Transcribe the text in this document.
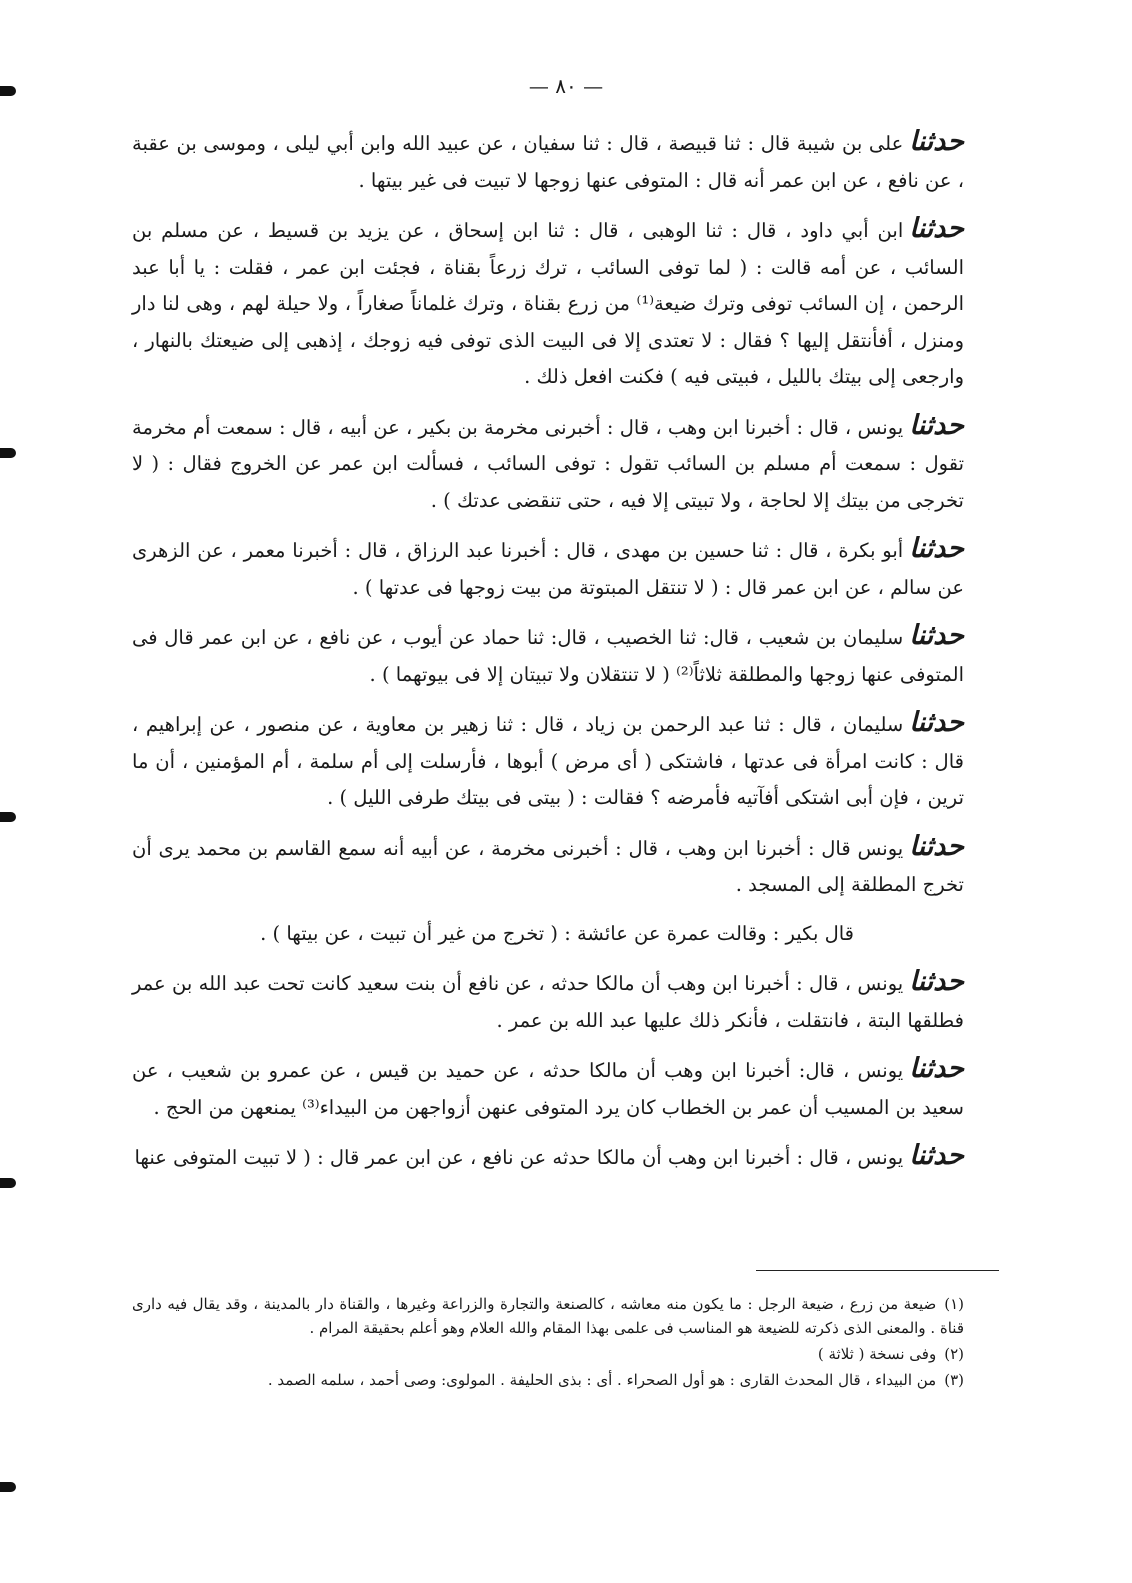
— ٨٠ —

حدثناعلى بن شيبة قال : ثنا قبيصة ، قال : ثنا سفيان ، عن عبيد الله وابن أبي ليلى ، وموسى بن عقبة ، عن نافع ، عن ابن عمر أنه قال : المتوفى عنها زوجها لا تبيت فى غير بيتها .

حدثناابن أبي داود ، قال : ثنا الوهبى ، قال : ثنا ابن إسحاق ، عن يزيد بن قسيط ، عن مسلم بن السائب ، عن أمه قالت : ( لما توفى السائب ، ترك زرعاً بقناة ، فجئت ابن عمر ، فقلت : يا أبا عبد الرحمن ، إن السائب توفى وترك ضيعة⁽¹⁾ من زرع بقناة ، وترك غلماناً صغاراً ، ولا حيلة لهم ، وهى لنا دار ومنزل ، أفأنتقل إليها ؟ فقال : لا تعتدى إلا فى البيت الذى توفى فيه زوجك ، إذهبى إلى ضيعتك بالنهار ، وارجعى إلى بيتك بالليل ، فبيتى فيه ) فكنت افعل ذلك .

حدثنايونس ، قال : أخبرنا ابن وهب ، قال : أخبرنى مخرمة بن بكير ، عن أبيه ، قال : سمعت أم مخرمة تقول : سمعت أم مسلم بن السائب تقول : توفى السائب ، فسألت ابن عمر عن الخروج فقال : ( لا تخرجى من بيتك إلا لحاجة ، ولا تبيتى إلا فيه ، حتى تنقضى عدتك ) .

حدثناأبو بكرة ، قال : ثنا حسين بن مهدى ، قال : أخبرنا عبد الرزاق ، قال : أخبرنا معمر ، عن الزهرى عن سالم ، عن ابن عمر قال : ( لا تنتقل المبتوتة من بيت زوجها فى عدتها ) .

حدثناسليمان بن شعيب ، قال: ثنا الخصيب ، قال: ثنا حماد عن أيوب ، عن نافع ، عن ابن عمر قال فى المتوفى عنها زوجها والمطلقة ثلاثاً⁽²⁾ ( لا تنتقلان ولا تبيتان إلا فى بيوتهما ) .

حدثناسليمان ، قال : ثنا عبد الرحمن بن زياد ، قال : ثنا زهير بن معاوية ، عن منصور ، عن إبراهيم ، قال : كانت امرأة فى عدتها ، فاشتكى ( أى مرض ) أبوها ، فأرسلت إلى أم سلمة ، أم المؤمنين ، أن ما ترين ، فإن أبى اشتكى أفآتيه فأمرضه ؟ فقالت : ( بيتى فى بيتك طرفى الليل ) .

حدثنايونس قال : أخبرنا ابن وهب ، قال : أخبرنى مخرمة ، عن أبيه أنه سمع القاسم بن محمد يرى أن تخرج المطلقة إلى المسجد .

قال بكير : وقالت عمرة عن عائشة : ( تخرج من غير أن تبيت ، عن بيتها ) .

حدثنايونس ، قال : أخبرنا ابن وهب أن مالكا حدثه ، عن نافع أن بنت سعيد كانت تحت عبد الله بن عمر فطلقها البتة ، فانتقلت ، فأنكر ذلك عليها عبد الله بن عمر .

حدثنايونس ، قال: أخبرنا ابن وهب أن مالكا حدثه ، عن حميد بن قيس ، عن عمرو بن شعيب ، عن سعيد بن المسيب أن عمر بن الخطاب كان يرد المتوفى عنهن أزواجهن من البيداء⁽³⁾ يمنعهن من الحج .

حدثنايونس ، قال : أخبرنا ابن وهب أن مالكا حدثه عن نافع ، عن ابن عمر قال : ( لا تبيت المتوفى عنها

(١)ضيعة من زرع ، ضيعة الرجل : ما يكون منه معاشه ، كالصنعة والتجارة والزراعة وغيرها ، والقناة دار بالمدينة ، وقد يقال فيه دارى قناة . والمعنى الذى ذكرته للضيعة هو المناسب فى علمى بهذا المقام والله العلام وهو أعلم بحقيقة المرام .

(٢)وفى نسخة ( ثلاثة )

(٣)من البيداء ، قال المحدث القارى : هو أول الصحراء . أى : بذى الحليفة . المولوى: وصى أحمد ، سلمه الصمد .
